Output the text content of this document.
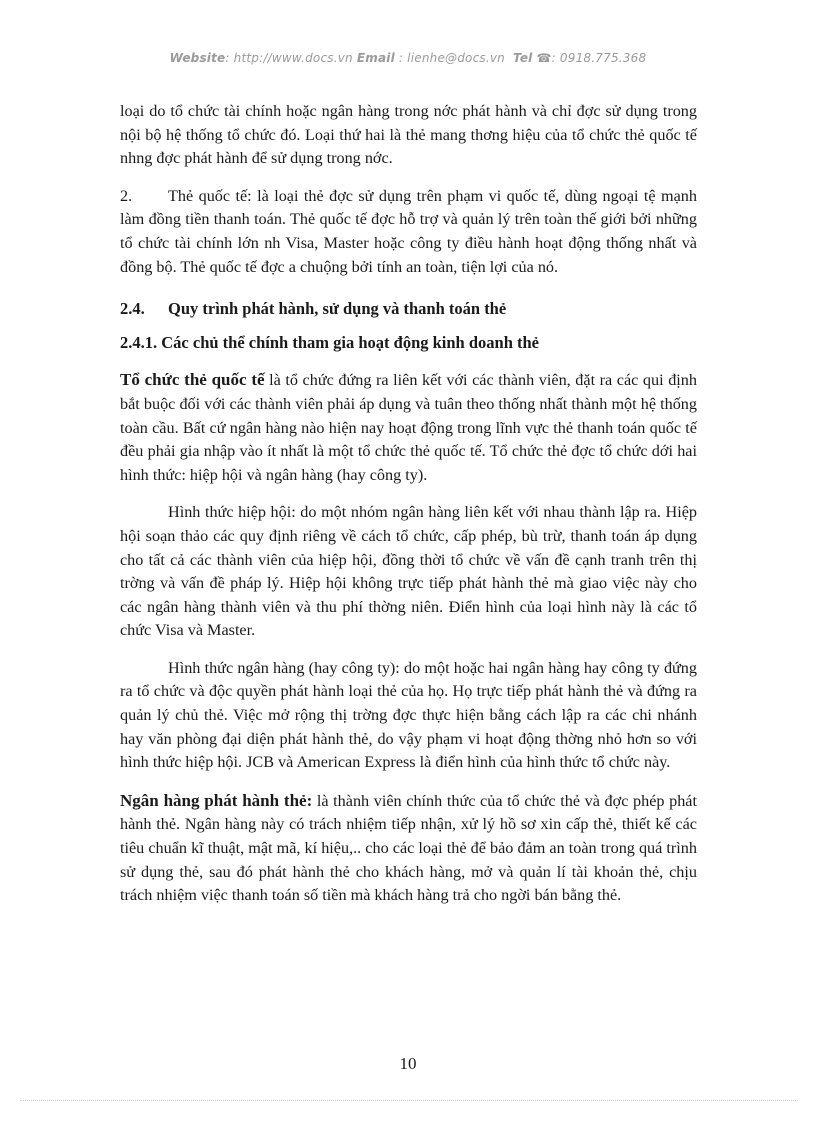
Website: http://www.docs.vn Email : lienhe@docs.vn Tel ☎: 0918.775.368

loại do tổ chức tài chính hoặc ngân hàng trong nớc phát hành và chỉ đợc sử dụng trong nội bộ hệ thống tổ chức đó. Loại thứ hai là thẻ mang thơng hiệu của tổ chức thẻ quốc tế nhng đợc phát hành để sử dụng trong nớc.

2. Thẻ quốc tế: là loại thẻ đợc sử dụng trên phạm vi quốc tế, dùng ngoại tệ mạnh làm đồng tiền thanh toán. Thẻ quốc tế đợc hỗ trợ và quản lý trên toàn thế giới bởi những tổ chức tài chính lớn nh Visa, Master hoặc công ty điều hành hoạt động thống nhất và đồng bộ. Thẻ quốc tế đợc a chuộng bởi tính an toàn, tiện lợi của nó.

2.4. Quy trình phát hành, sử dụng và thanh toán thẻ

2.4.1. Các chủ thể chính tham gia hoạt động kinh doanh thẻ

Tổ chức thẻ quốc tế là tổ chức đứng ra liên kết với các thành viên, đặt ra các qui định bắt buộc đối với các thành viên phải áp dụng và tuân theo thống nhất thành một hệ thống toàn cầu. Bất cứ ngân hàng nào hiện nay hoạt động trong lĩnh vực thẻ thanh toán quốc tế đều phải gia nhập vào ít nhất là một tổ chức thẻ quốc tế. Tổ chức thẻ đợc tổ chức dới hai hình thức: hiệp hội và ngân hàng (hay công ty).

Hình thức hiệp hội: do một nhóm ngân hàng liên kết với nhau thành lập ra. Hiệp hội soạn thảo các quy định riêng về cách tổ chức, cấp phép, bù trừ, thanh toán áp dụng cho tất cả các thành viên của hiệp hội, đồng thời tổ chức về vấn đề cạnh tranh trên thị trờng và vấn đề pháp lý. Hiệp hội không trực tiếp phát hành thẻ mà giao việc này cho các ngân hàng thành viên và thu phí thờng niên. Điển hình của loại hình này là các tổ chức Visa và Master.

Hình thức ngân hàng (hay công ty): do một hoặc hai ngân hàng hay công ty đứng ra tổ chức và độc quyền phát hành loại thẻ của họ. Họ trực tiếp phát hành thẻ và đứng ra quản lý chủ thẻ. Việc mở rộng thị trờng đợc thực hiện bằng cách lập ra các chi nhánh hay văn phòng đại diện phát hành thẻ, do vậy phạm vi hoạt động thờng nhỏ hơn so với hình thức hiệp hội. JCB và American Express là điển hình của hình thức tổ chức này.

Ngân hàng phát hành thẻ: là thành viên chính thức của tổ chức thẻ và đợc phép phát hành thẻ. Ngân hàng này có trách nhiệm tiếp nhận, xử lý hồ sơ xin cấp thẻ, thiết kế các tiêu chuẩn kĩ thuật, mật mã, kí hiệu,.. cho các loại thẻ để bảo đảm an toàn trong quá trình sử dụng thẻ, sau đó phát hành thẻ cho khách hàng, mở và quản lí tài khoản thẻ, chịu trách nhiệm việc thanh toán số tiền mà khách hàng trả cho ngời bán bằng thẻ.

10
